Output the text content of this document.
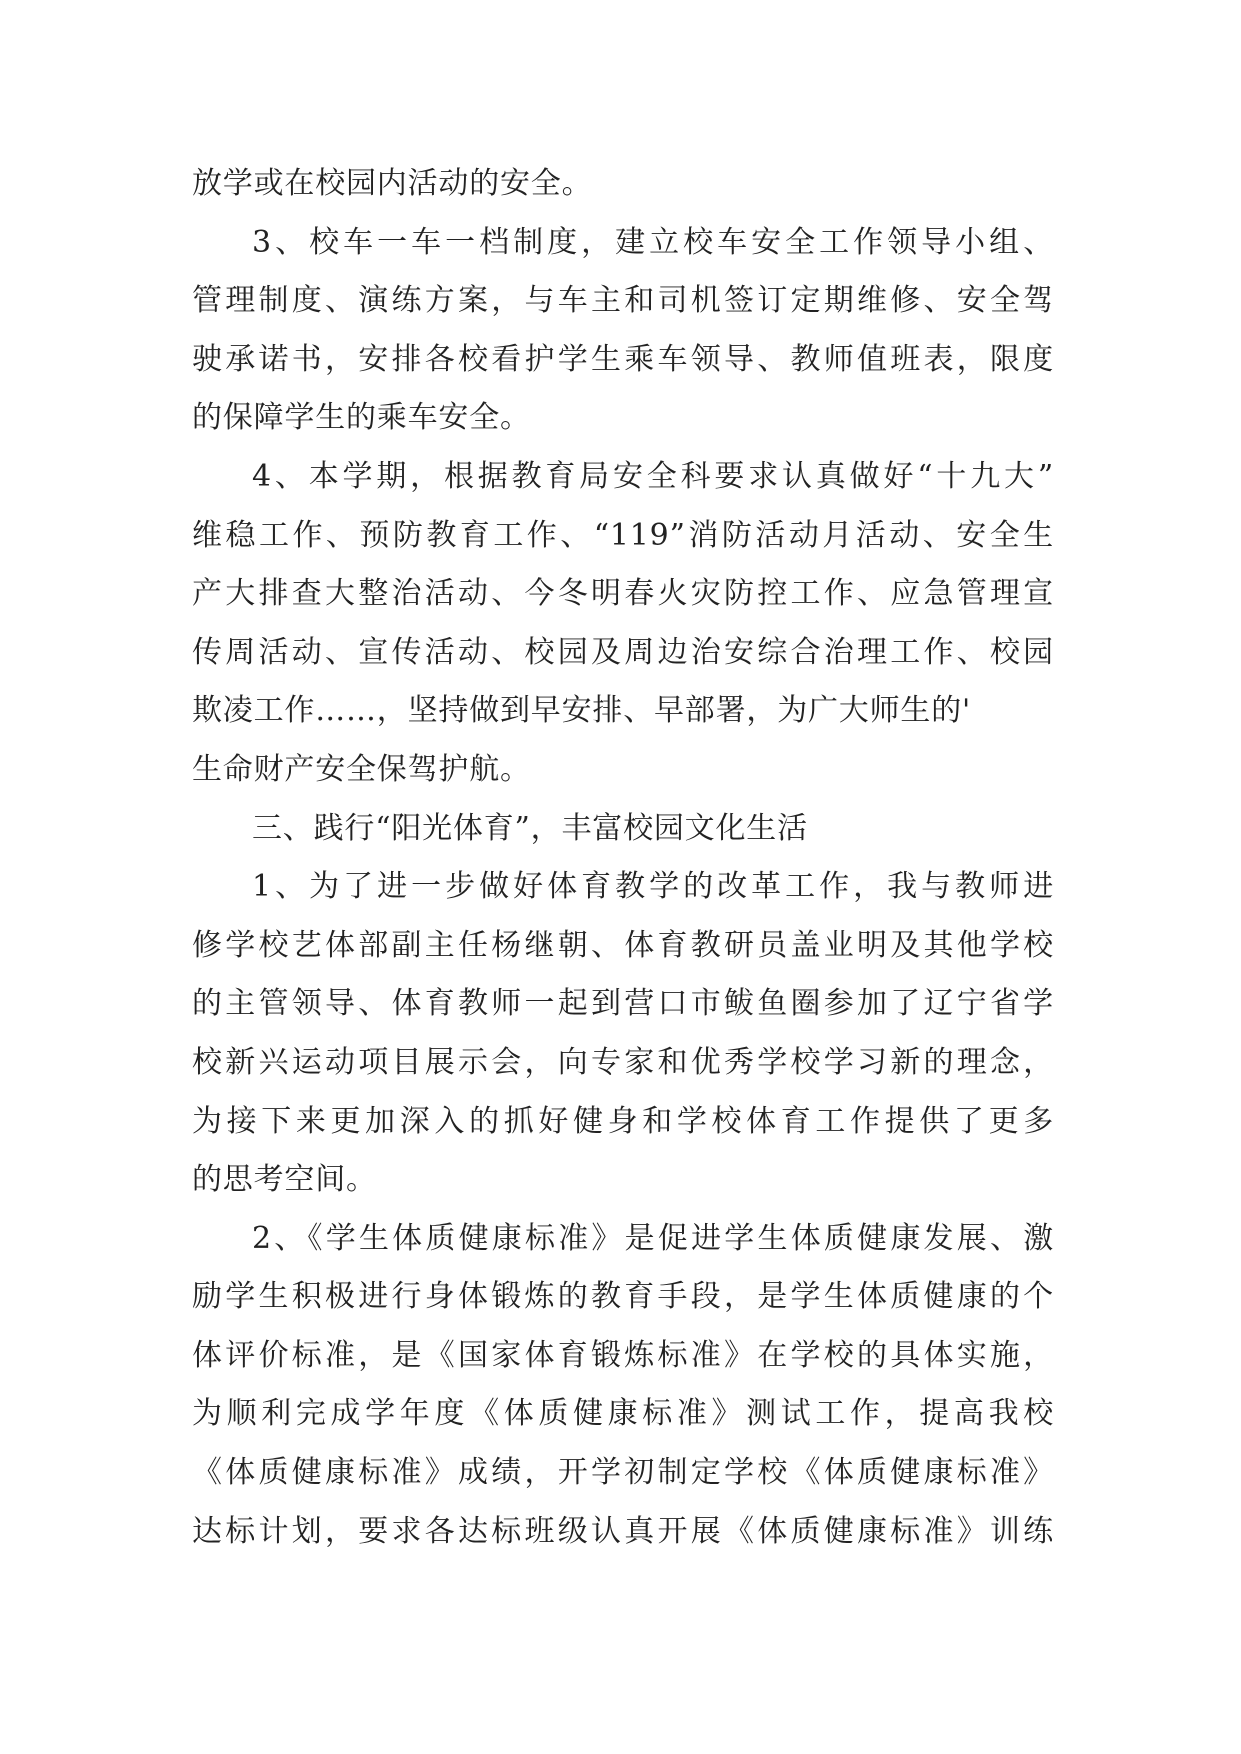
放学或在校园内活动的安全。
3、校车一车一档制度，建立校车安全工作领导小组、
管理制度、演练方案，与车主和司机签订定期维修、安全驾
驶承诺书，安排各校看护学生乘车领导、教师值班表，限度
的保障学生的乘车安全。
4、本学期，根据教育局安全科要求认真做好“十九大”
维稳工作、预防教育工作、“119”消防活动月活动、安全生
产大排查大整治活动、今冬明春火灾防控工作、应急管理宣
传周活动、宣传活动、校园及周边治安综合治理工作、校园
欺凌工作……，坚持做到早安排、早部署，为广大师生的'
生命财产安全保驾护航。
三、践行“阳光体育”，丰富校园文化生活
1、为了进一步做好体育教学的改革工作，我与教师进
修学校艺体部副主任杨继朝、体育教研员盖业明及其他学校
的主管领导、体育教师一起到营口市鲅鱼圈参加了辽宁省学
校新兴运动项目展示会，向专家和优秀学校学习新的理念，
为接下来更加深入的抓好健身和学校体育工作提供了更多
的思考空间。
2、《学生体质健康标准》是促进学生体质健康发展、激
励学生积极进行身体锻炼的教育手段，是学生体质健康的个
体评价标准，是《国家体育锻炼标准》在学校的具体实施，
为顺利完成学年度《体质健康标准》测试工作，提高我校
《体质健康标准》成绩，开学初制定学校《体质健康标准》
达标计划，要求各达标班级认真开展《体质健康标准》训练
